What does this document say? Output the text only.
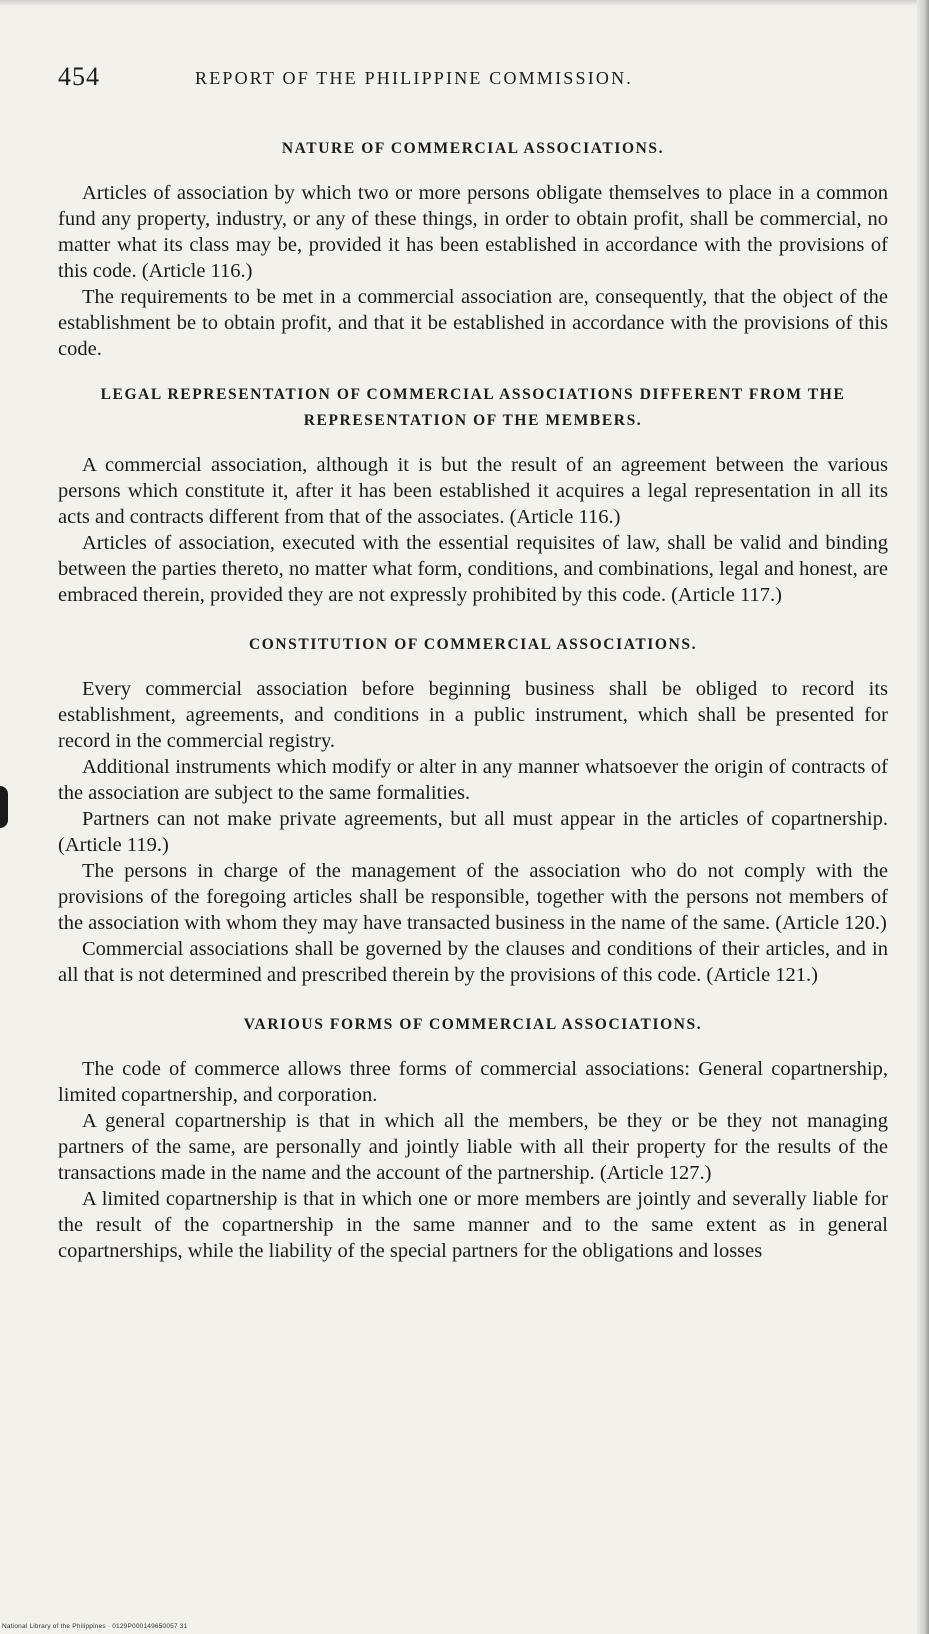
454	REPORT OF THE PHILIPPINE COMMISSION.
NATURE OF COMMERCIAL ASSOCIATIONS.

Articles of association by which two or more persons obligate themselves to place in a common fund any property, industry, or any of these things, in order to obtain profit, shall be commercial, no matter what its class may be, provided it has been established in accordance with the provisions of this code. (Article 116.)

The requirements to be met in a commercial association are, consequently, that the object of the establishment be to obtain profit, and that it be established in accordance with the provisions of this code.

LEGAL REPRESENTATION OF COMMERCIAL ASSOCIATIONS DIFFERENT FROM THE REPRESENTATION OF THE MEMBERS.

A commercial association, although it is but the result of an agreement between the various persons which constitute it, after it has been established it acquires a legal representation in all its acts and contracts different from that of the associates. (Article 116.)

Articles of association, executed with the essential requisites of law, shall be valid and binding between the parties thereto, no matter what form, conditions, and combinations, legal and honest, are embraced therein, provided they are not expressly prohibited by this code. (Article 117.)

CONSTITUTION OF COMMERCIAL ASSOCIATIONS.

Every commercial association before beginning business shall be obliged to record its establishment, agreements, and conditions in a public instrument, which shall be presented for record in the commercial registry.

Additional instruments which modify or alter in any manner whatsoever the origin of contracts of the association are subject to the same formalities.

Partners can not make private agreements, but all must appear in the articles of copartnership. (Article 119.)

The persons in charge of the management of the association who do not comply with the provisions of the foregoing articles shall be responsible, together with the persons not members of the association with whom they may have transacted business in the name of the same. (Article 120.)

Commercial associations shall be governed by the clauses and conditions of their articles, and in all that is not determined and prescribed therein by the provisions of this code. (Article 121.)

VARIOUS FORMS OF COMMERCIAL ASSOCIATIONS.

The code of commerce allows three forms of commercial associations: General copartnership, limited copartnership, and corporation.

A general copartnership is that in which all the members, be they or be they not managing partners of the same, are personally and jointly liable with all their property for the results of the transactions made in the name and the account of the partnership. (Article 127.)

A limited copartnership is that in which one or more members are jointly and severally liable for the result of the copartnership in the same manner and to the same extent as in general copartnerships, while the liability of the special partners for the obligations and losses

National Library of the Philippines · 0129P000149650057 31
